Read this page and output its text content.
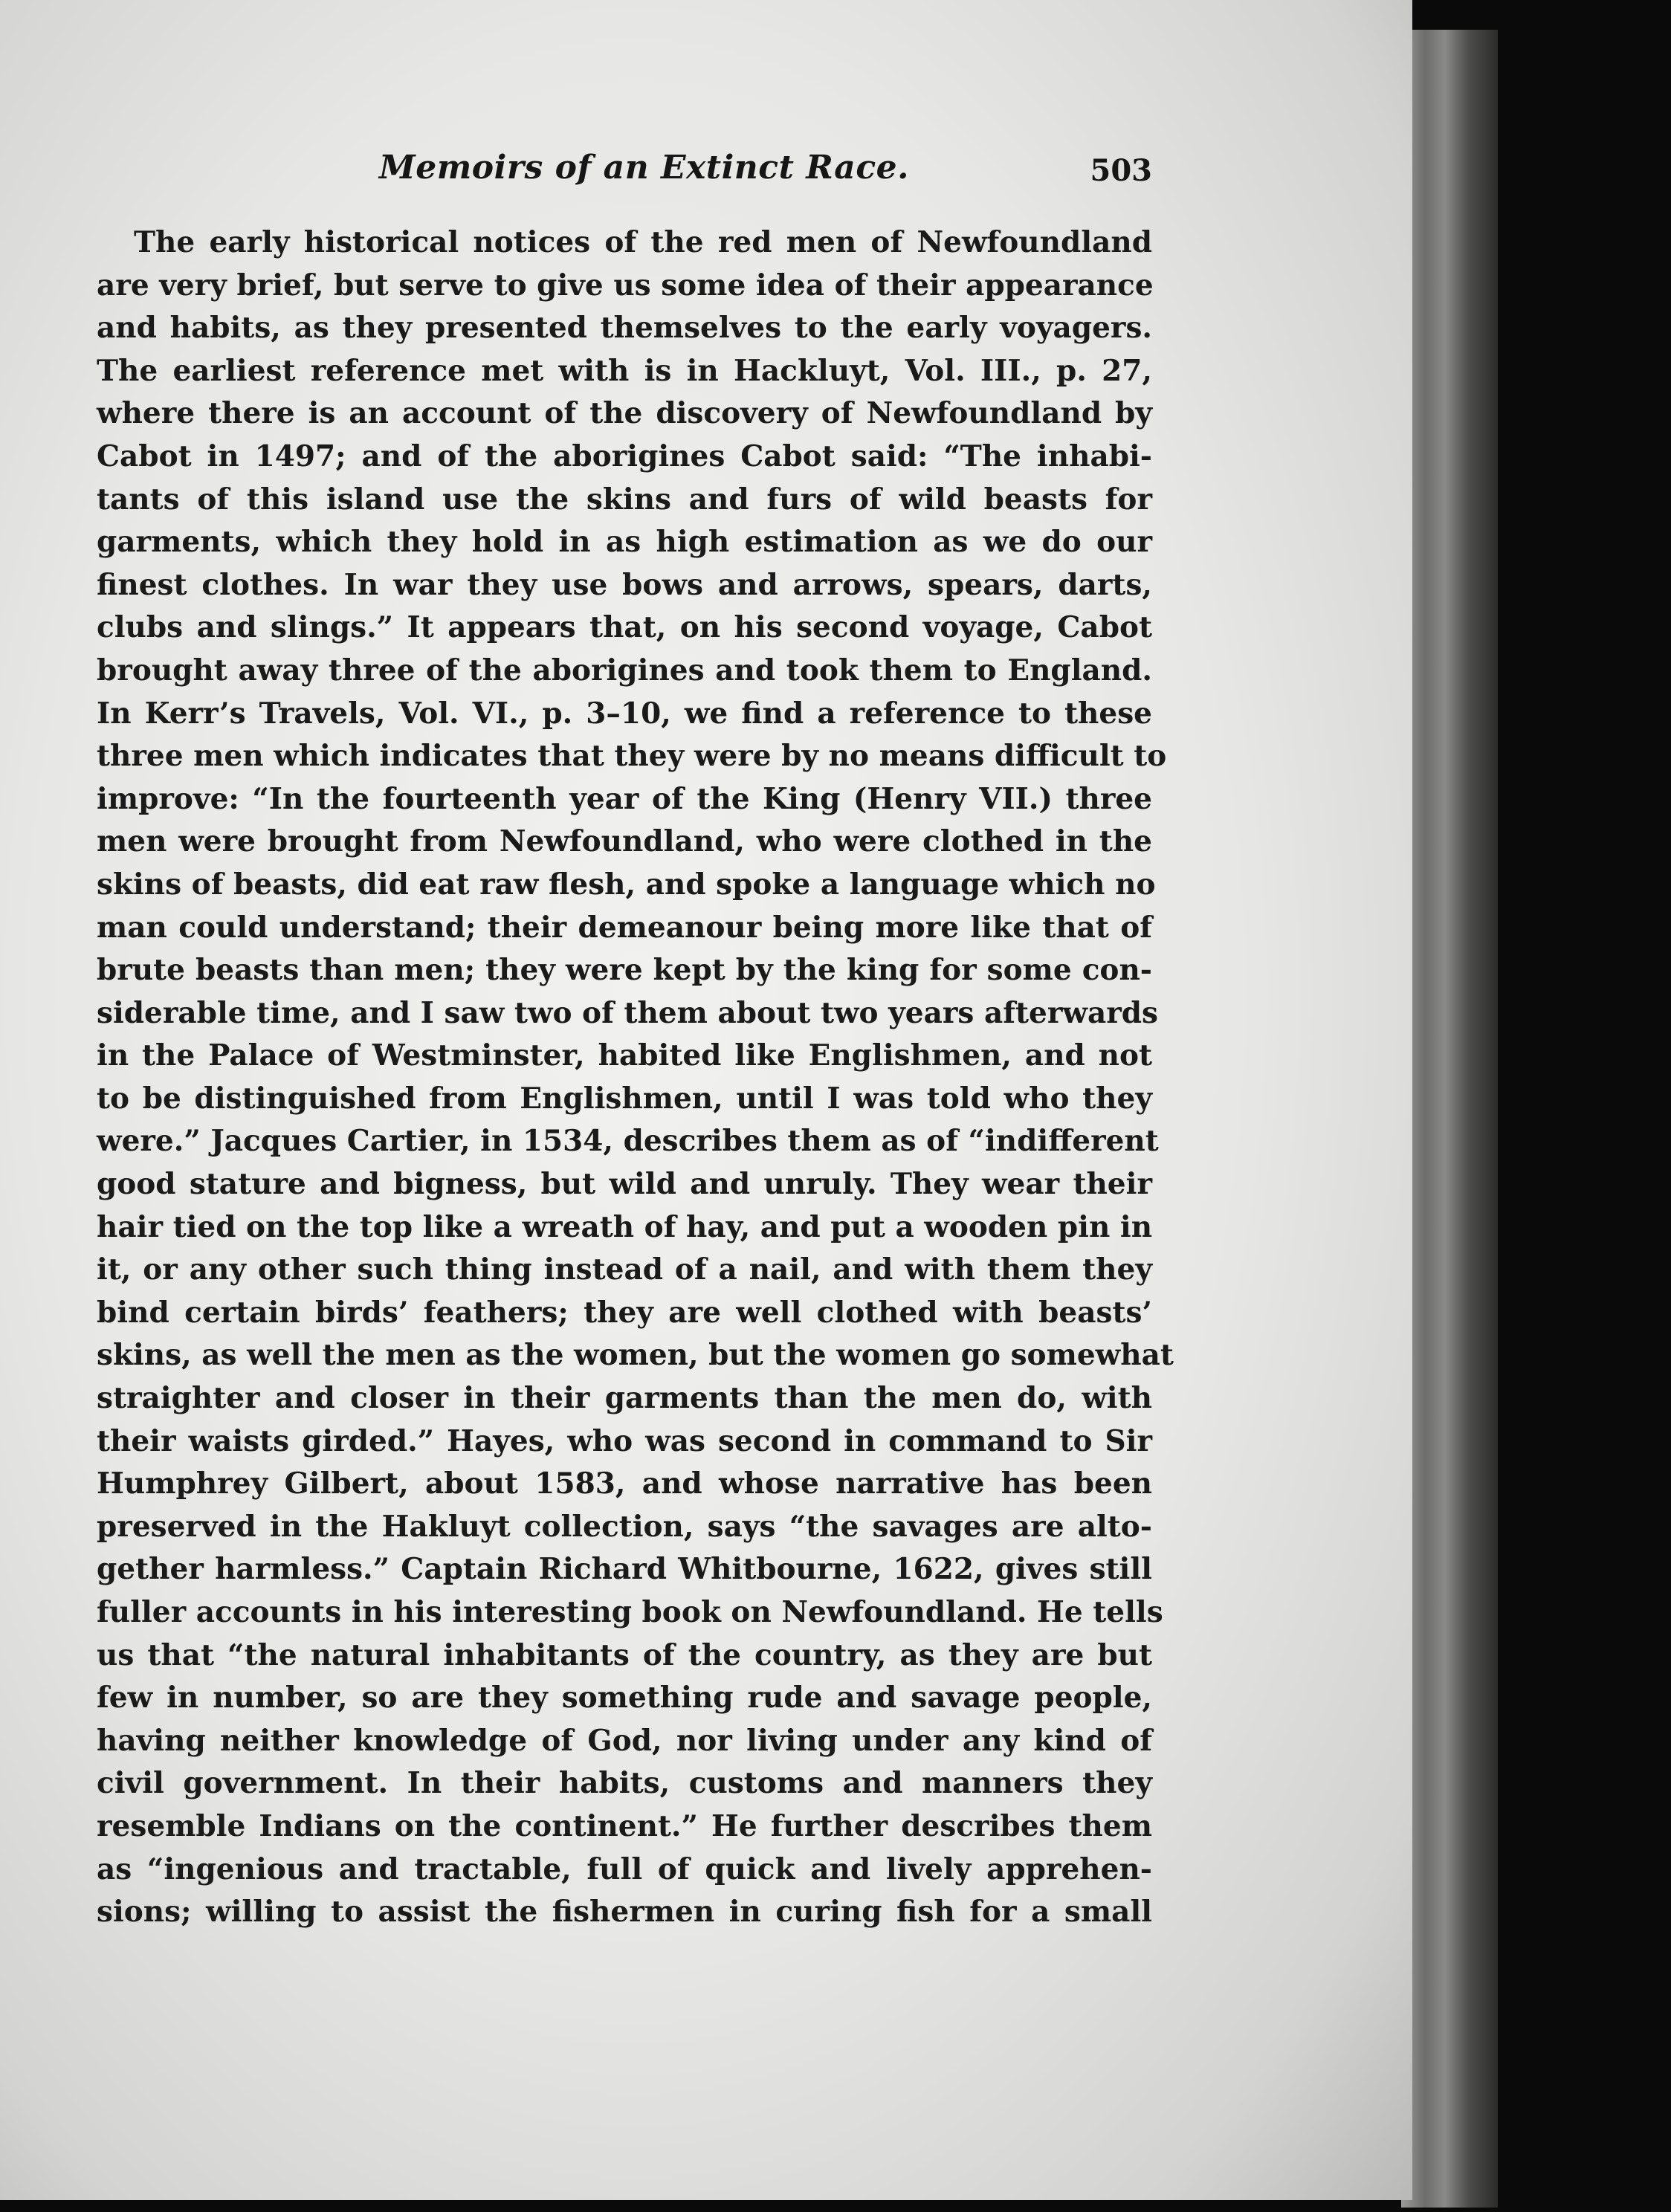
Memoirs of an Extinct Race.	503
The early historical notices of the red men of Newfoundland
are very brief, but serve to give us some idea of their appearance
and habits, as they presented themselves to the early voyagers.
The earliest reference met with is in Hackluyt, Vol. III., p. 27,
where there is an account of the discovery of Newfoundland by
Cabot in 1497; and of the aborigines Cabot said: “The inhabi-
tants of this island use the skins and furs of wild beasts for
garments, which they hold in as high estimation as we do our
finest clothes. In war they use bows and arrows, spears, darts,
clubs and slings.” It appears that, on his second voyage, Cabot
brought away three of the aborigines and took them to England.
In Kerr’s Travels, Vol. VI., p. 3–10, we find a reference to these
three men which indicates that they were by no means difficult to
improve: “In the fourteenth year of the King (Henry VII.) three
men were brought from Newfoundland, who were clothed in the
skins of beasts, did eat raw flesh, and spoke a language which no
man could understand; their demeanour being more like that of
brute beasts than men; they were kept by the king for some con-
siderable time, and I saw two of them about two years afterwards
in the Palace of Westminster, habited like Englishmen, and not
to be distinguished from Englishmen, until I was told who they
were.” Jacques Cartier, in 1534, describes them as of “indifferent
good stature and bigness, but wild and unruly. They wear their
hair tied on the top like a wreath of hay, and put a wooden pin in
it, or any other such thing instead of a nail, and with them they
bind certain birds’ feathers; they are well clothed with beasts’
skins, as well the men as the women, but the women go somewhat
straighter and closer in their garments than the men do, with
their waists girded.” Hayes, who was second in command to Sir
Humphrey Gilbert, about 1583, and whose narrative has been
preserved in the Hakluyt collection, says “the savages are alto-
gether harmless.” Captain Richard Whitbourne, 1622, gives still
fuller accounts in his interesting book on Newfoundland. He tells
us that “the natural inhabitants of the country, as they are but
few in number, so are they something rude and savage people,
having neither knowledge of God, nor living under any kind of
civil government. In their habits, customs and manners they
resemble Indians on the continent.” He further describes them
as “ingenious and tractable, full of quick and lively apprehen-
sions; willing to assist the fishermen in curing fish for a small
